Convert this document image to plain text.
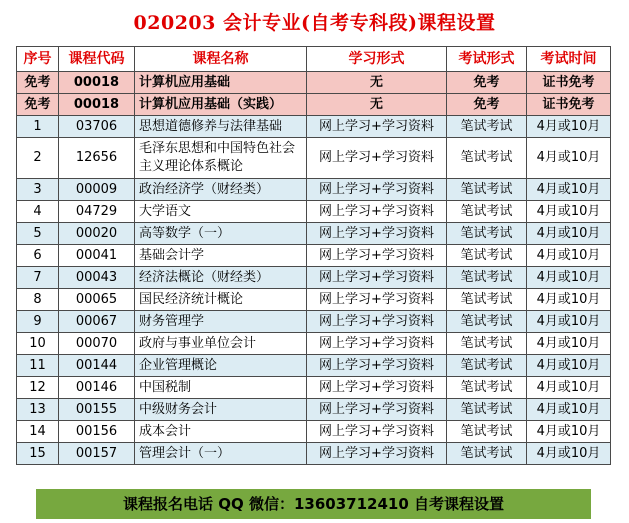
020203 会计专业(自考专科段)课程设置
序号	课程代码	课程名称	学习形式	考试形式	考试时间
免考	00018	计算机应用基础	无	免考	证书免考
免考	00018	计算机应用基础（实践）	无	免考	证书免考
1	03706	思想道德修养与法律基础	网上学习+学习资料	笔试考试	4月或10月
2	12656	毛泽东思想和中国特色社会主义理论体系概论	网上学习+学习资料	笔试考试	4月或10月
3	00009	政治经济学（财经类）	网上学习+学习资料	笔试考试	4月或10月
4	04729	大学语文	网上学习+学习资料	笔试考试	4月或10月
5	00020	高等数学（一）	网上学习+学习资料	笔试考试	4月或10月
6	00041	基础会计学	网上学习+学习资料	笔试考试	4月或10月
7	00043	经济法概论（财经类）	网上学习+学习资料	笔试考试	4月或10月
8	00065	国民经济统计概论	网上学习+学习资料	笔试考试	4月或10月
9	00067	财务管理学	网上学习+学习资料	笔试考试	4月或10月
10	00070	政府与事业单位会计	网上学习+学习资料	笔试考试	4月或10月
11	00144	企业管理概论	网上学习+学习资料	笔试考试	4月或10月
12	00146	中国税制	网上学习+学习资料	笔试考试	4月或10月
13	00155	中级财务会计	网上学习+学习资料	笔试考试	4月或10月
14	00156	成本会计	网上学习+学习资料	笔试考试	4月或10月
15	00157	管理会计（一）	网上学习+学习资料	笔试考试	4月或10月
课程报名电话 QQ 微信：13603712410 自考课程设置
